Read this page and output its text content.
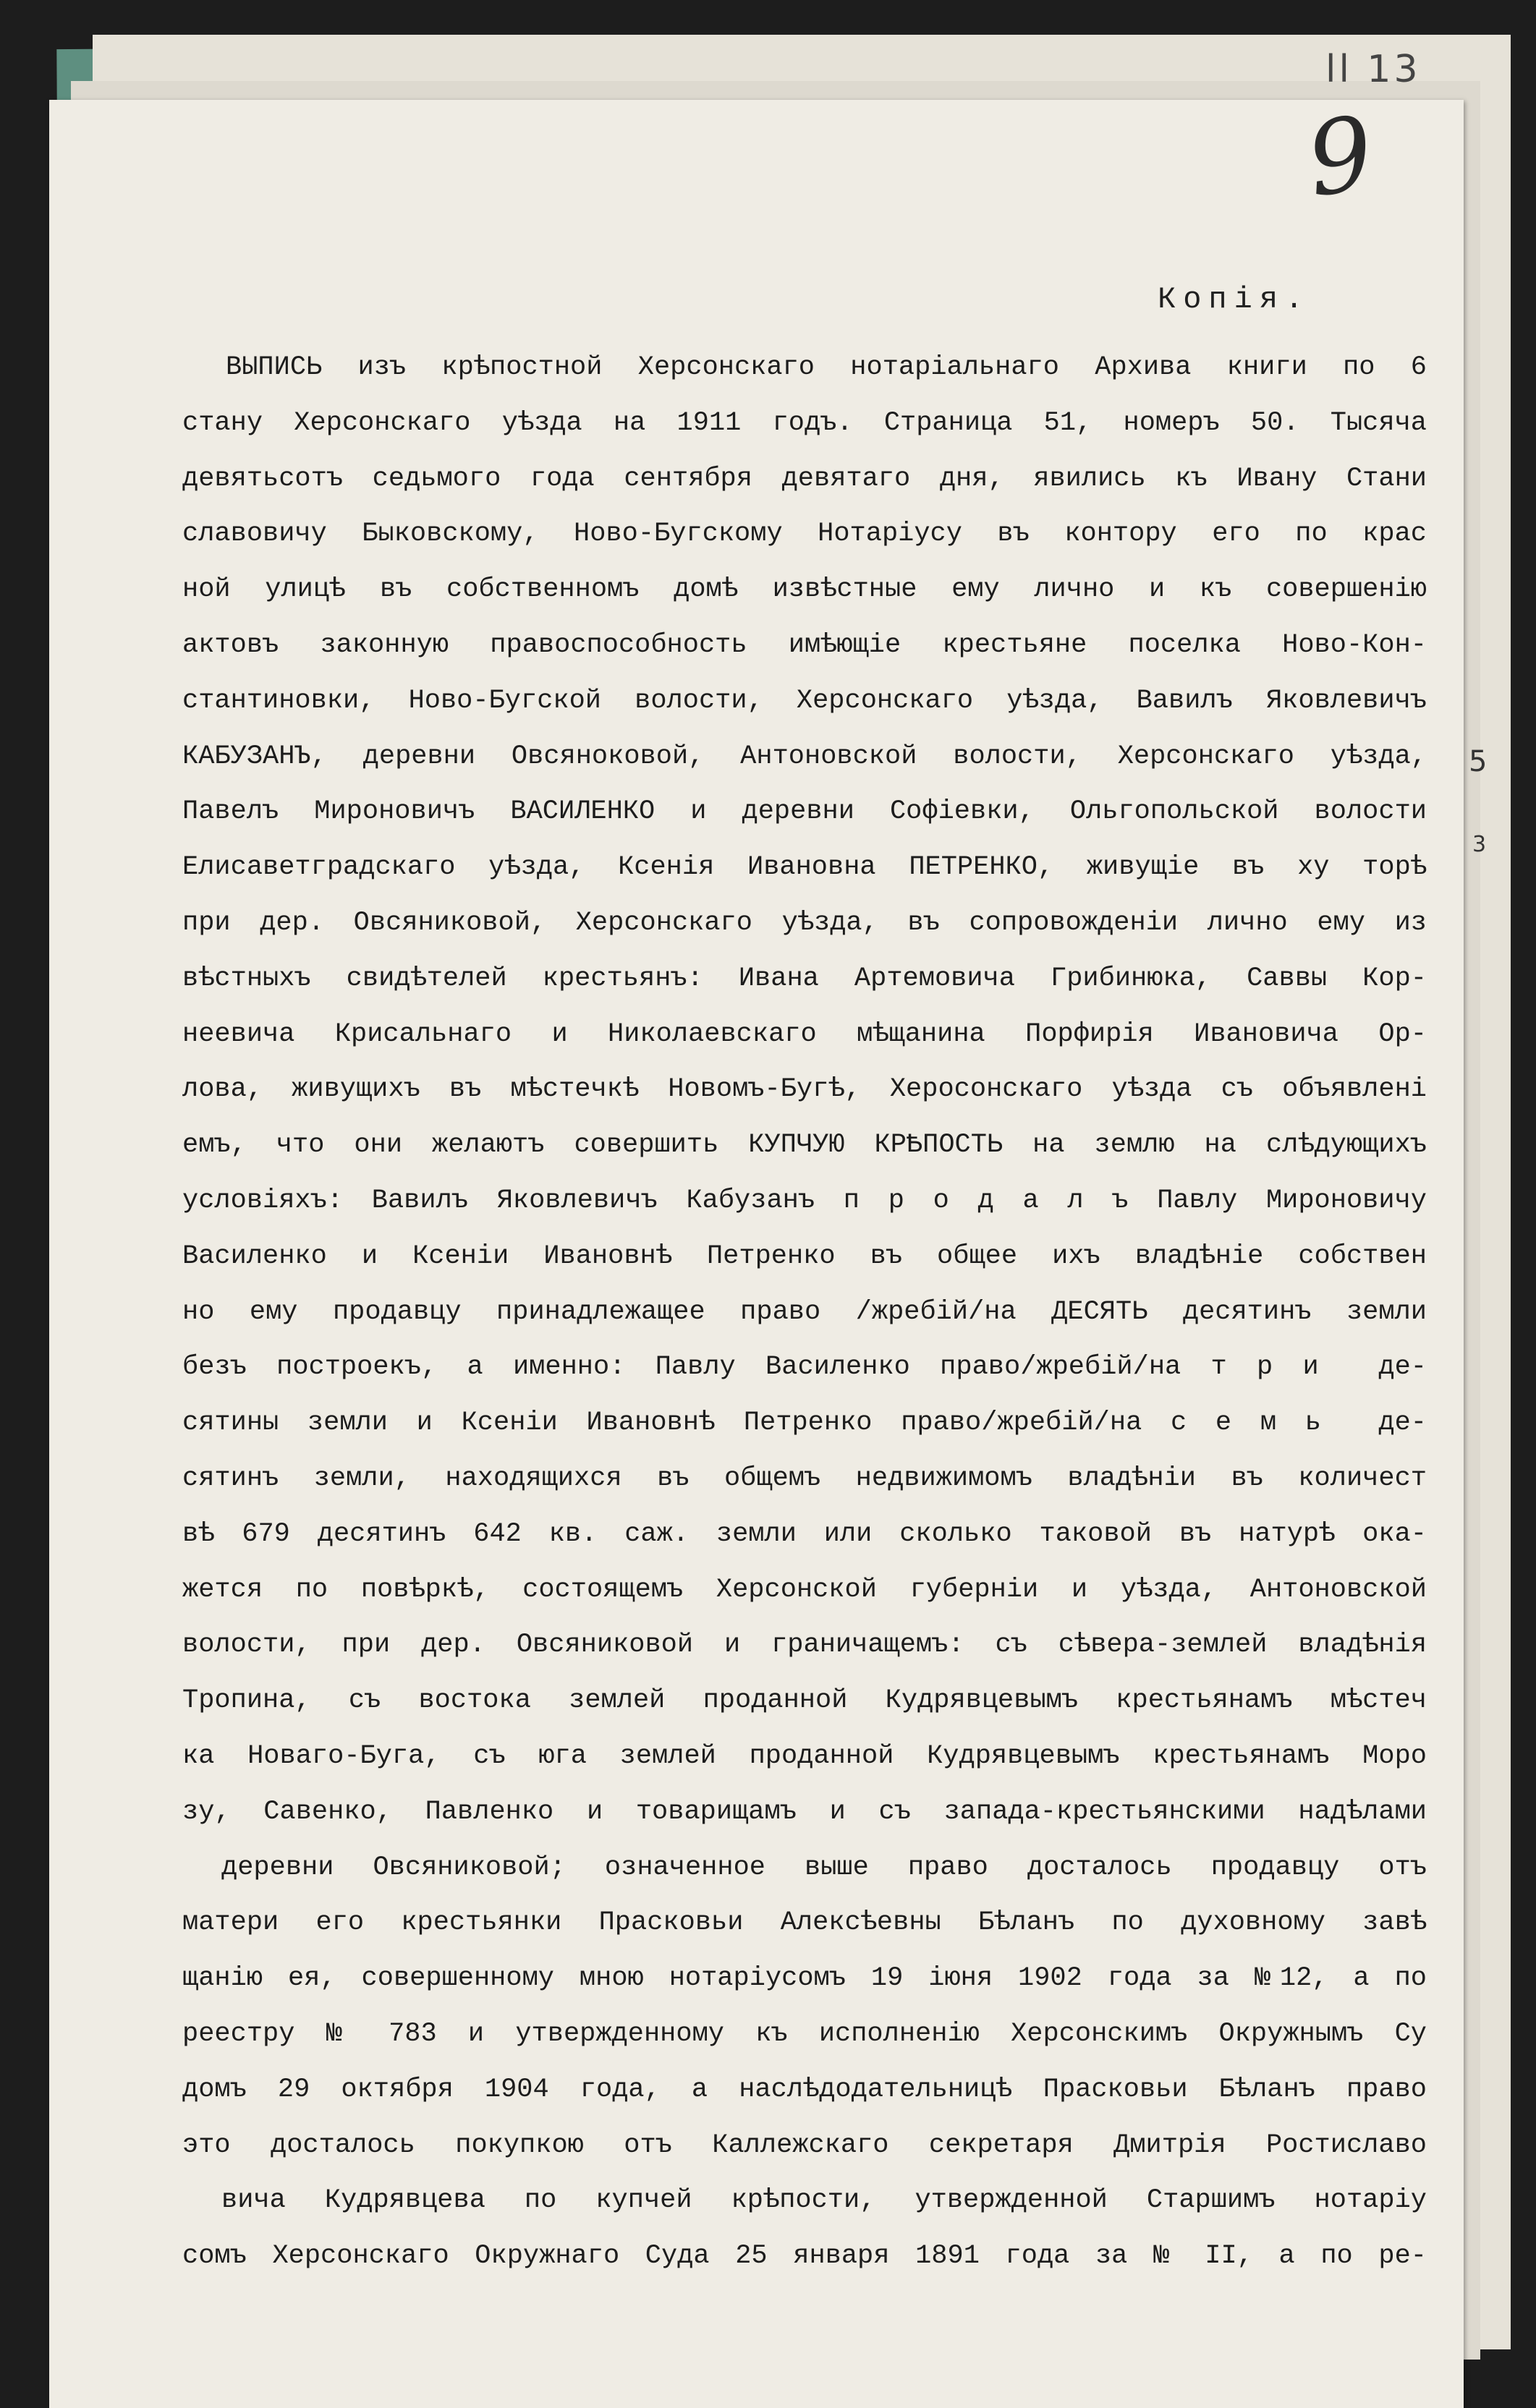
ll 13
9
5
3
Копiя.
ВЫПИСЬ изъ крѣпостной Херсонскаго нотарiальнаго Архива книги по 6
стану Херсонскаго уѣзда на 1911 годъ. Страница 51, номеръ 50. Тысяча
девятьсотъ седьмого года сентября девятаго дня, явились къ Ивану Стани
славовичу Быковскому, Ново-Бугскому Нотарiусу въ контору его по крас
ной улицѣ въ собственномъ домѣ извѣстные ему лично и къ совершенiю
актовъ законную правоспособность имѣющiе крестьяне поселка Ново-Кон-
стантиновки, Ново-Бугской волости, Херсонскаго уѣзда, Вавилъ Яковлевичъ
КАБУЗАНЪ, деревни Овсяноковой, Антоновской волости, Херсонскаго уѣзда,
Павелъ Мироновичъ ВАСИЛЕНКО и деревни Софiевки, Ольгопольской волости
Елисаветградскаго уѣзда, Ксенiя Ивановна ПЕТРЕНКО, живущiе въ ху торѣ
при дер. Овсяниковой, Херсонскаго уѣзда, въ сопровожденiи лично ему из
вѣстныхъ свидѣтелей крестьянъ: Ивана Артемовича Грибинюка, Саввы Кор-
неевича Крисальнаго и Николаевскаго мѣщанина Порфирiя Ивановича Ор-
лова, живущихъ въ мѣстечкѣ Новомъ-Бугѣ, Херосонскаго уѣзда съ объявлені
емъ, что они желаютъ совершить КУПЧУЮ КРѢПОСТЬ на землю на слѣдующихъ
условiяхъ: Вавилъ Яковлевичъ Кабузанъ п р о д а л ъ Павлу Мироновичу
Василенко и Ксенiи Ивановнѣ Петренко въ общее ихъ владѣнiе собствен
но ему продавцу принадлежащее право /жребiй/на ДЕСЯТЬ десятинъ земли
безъ построекъ, а именно: Павлу Василенко право/жребiй/на т р и  де-
сятины земли и Ксенiи Ивановнѣ Петренко право/жребiй/на с е м ь  де-
сятинъ земли, находящихся въ общемъ недвижимомъ владѣнiи въ количест
вѣ 679 десятинъ 642 кв. саж. земли или сколько таковой въ натурѣ ока-
жется по повѣркѣ, состоящемъ Херсонской губернiи и уѣзда, Антоновской
волости, при дер. Овсяниковой и граничащемъ: съ сѣвера-землей владѣнiя
Тропина, съ востока землей проданной Кудрявцевымъ крестьянамъ мѣстеч
ка Новаго-Буга, съ юга землей проданной Кудрявцевымъ крестьянамъ Моро
зу, Савенко, Павленко и товарищамъ и съ запада-крестьянскими надѣлами
деревни Овсяниковой; означенное выше право досталось продавцу отъ
матери его крестьянки Прасковьи Алексѣевны Бѣланъ по духовному завѣ
щанiю ея, совершенному мною нотарiусомъ 19 iюня 1902 года за №12, а по
реестру № 783 и утвержденному къ исполненiю Херсонскимъ Окружнымъ Су
домъ 29 октября 1904 года, а наслѣдодательницѣ Прасковьи Бѣланъ право
это досталось покупкою отъ Каллежскаго секретаря Дмитрiя Ростиславо
вича Кудрявцева по купчей крѣпости, утвержденной Старшимъ нотарiу
сомъ Херсонскаго Окружнаго Суда 25 января 1891 года за № II, а по ре-
